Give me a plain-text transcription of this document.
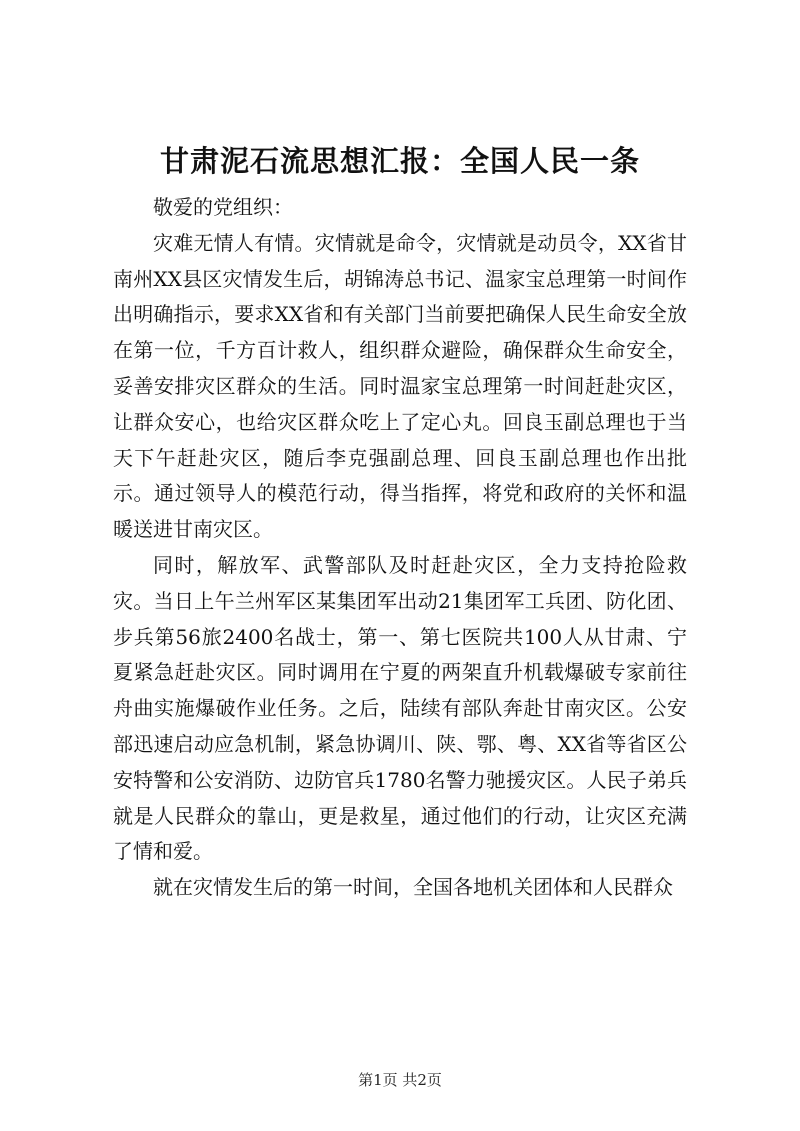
甘肃泥石流思想汇报：全国人民一条

敬爱的党组织：

灾难无情人有情。灾情就是命令，灾情就是动员令，XX省甘南州XX县区灾情发生后，胡锦涛总书记、温家宝总理第一时间作出明确指示，要求XX省和有关部门当前要把确保人民生命安全放在第一位，千方百计救人，组织群众避险，确保群众生命安全，妥善安排灾区群众的生活。同时温家宝总理第一时间赶赴灾区，让群众安心，也给灾区群众吃上了定心丸。回良玉副总理也于当天下午赶赴灾区，随后李克强副总理、回良玉副总理也作出批示。通过领导人的模范行动，得当指挥，将党和政府的关怀和温暖送进甘南灾区。

同时，解放军、武警部队及时赶赴灾区，全力支持抢险救灾。当日上午兰州军区某集团军出动21集团军工兵团、防化团、步兵第56旅2400名战士，第一、第七医院共100人从甘肃、宁夏紧急赶赴灾区。同时调用在宁夏的两架直升机载爆破专家前往舟曲实施爆破作业任务。之后，陆续有部队奔赴甘南灾区。公安部迅速启动应急机制，紧急协调川、陕、鄂、粤、XX省等省区公安特警和公安消防、边防官兵1780名警力驰援灾区。人民子弟兵就是人民群众的靠山，更是救星，通过他们的行动，让灾区充满了情和爱。

就在灾情发生后的第一时间，全国各地机关团体和人民群众

第1页 共2页
